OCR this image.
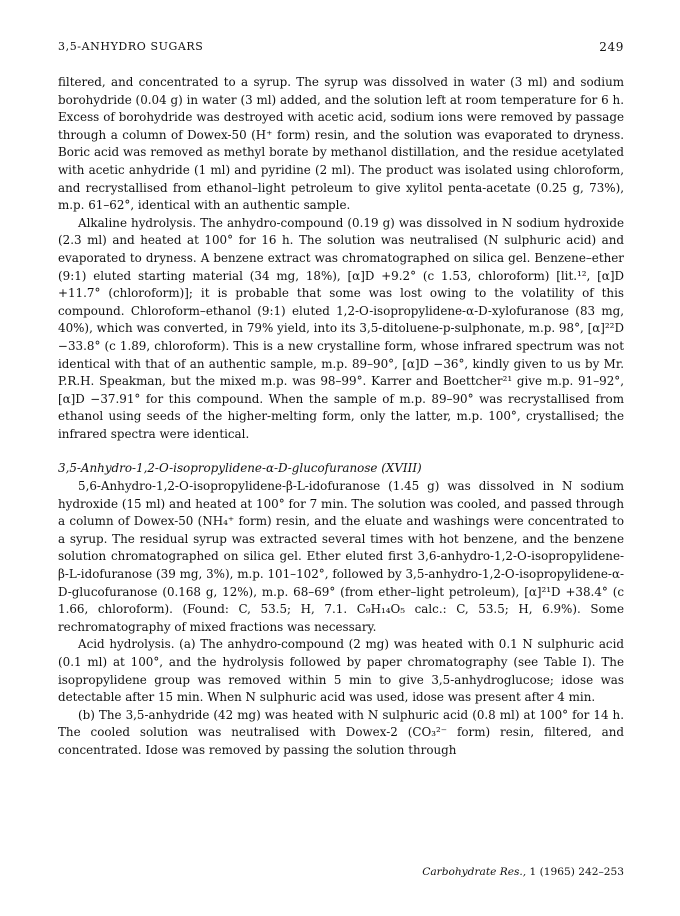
3,5-ANHYDRO SUGARS	249

filtered, and concentrated to a syrup. The syrup was dissolved in water (3 ml) and sodium borohydride (0.04 g) in water (3 ml) added, and the solution left at room temperature for 6 h. Excess of borohydride was destroyed with acetic acid, sodium ions were removed by passage through a column of Dowex-50 (H⁺ form) resin, and the solution was evaporated to dryness. Boric acid was removed as methyl borate by methanol distillation, and the residue acetylated with acetic anhydride (1 ml) and pyridine (2 ml). The product was isolated using chloroform, and recrystallised from ethanol–light petroleum to give xylitol penta-acetate (0.25 g, 73%), m.p. 61–62°, identical with an authentic sample.

Alkaline hydrolysis. The anhydro-compound (0.19 g) was dissolved in N sodium hydroxide (2.3 ml) and heated at 100° for 16 h. The solution was neutralised (N sulphuric acid) and evaporated to dryness. A benzene extract was chromatographed on silica gel. Benzene–ether (9:1) eluted starting material (34 mg, 18%), [α]D +9.2° (c 1.53, chloroform) [lit.¹², [α]D +11.7° (chloroform)]; it is probable that some was lost owing to the volatility of this compound. Chloroform–ethanol (9:1) eluted 1,2-O-isopropylidene-α-D-xylofuranose (83 mg, 40%), which was converted, in 79% yield, into its 3,5-ditoluene-p-sulphonate, m.p. 98°, [α]²²D −33.8° (c 1.89, chloroform). This is a new crystalline form, whose infrared spectrum was not identical with that of an authentic sample, m.p. 89–90°, [α]D −36°, kindly given to us by Mr. P.R.H. Speakman, but the mixed m.p. was 98–99°. Karrer and Boettcher²¹ give m.p. 91–92°, [α]D −37.91° for this compound. When the sample of m.p. 89–90° was recrystallised from ethanol using seeds of the higher-melting form, only the latter, m.p. 100°, crystallised; the infrared spectra were identical.

3,5-Anhydro-1,2-O-isopropylidene-α-D-glucofuranose (XVIII)

5,6-Anhydro-1,2-O-isopropylidene-β-L-idofuranose (1.45 g) was dissolved in N sodium hydroxide (15 ml) and heated at 100° for 7 min. The solution was cooled, and passed through a column of Dowex-50 (NH₄⁺ form) resin, and the eluate and washings were concentrated to a syrup. The residual syrup was extracted several times with hot benzene, and the benzene solution chromatographed on silica gel. Ether eluted first 3,6-anhydro-1,2-O-isopropylidene-β-L-idofuranose (39 mg, 3%), m.p. 101–102°, followed by 3,5-anhydro-1,2-O-isopropylidene-α-D-glucofuranose (0.168 g, 12%), m.p. 68–69° (from ether–light petroleum), [α]²¹D +38.4° (c 1.66, chloroform). (Found: C, 53.5; H, 7.1. C₉H₁₄O₅ calc.: C, 53.5; H, 6.9%). Some rechromatography of mixed fractions was necessary.

Acid hydrolysis. (a) The anhydro-compound (2 mg) was heated with 0.1 N sulphuric acid (0.1 ml) at 100°, and the hydrolysis followed by paper chromatography (see Table I). The isopropylidene group was removed within 5 min to give 3,5-anhydroglucose; idose was detectable after 15 min. When N sulphuric acid was used, idose was present after 4 min.

(b) The 3,5-anhydride (42 mg) was heated with N sulphuric acid (0.8 ml) at 100° for 14 h. The cooled solution was neutralised with Dowex-2 (CO₃²⁻ form) resin, filtered, and concentrated. Idose was removed by passing the solution through

Carbohydrate Res., 1 (1965) 242–253
